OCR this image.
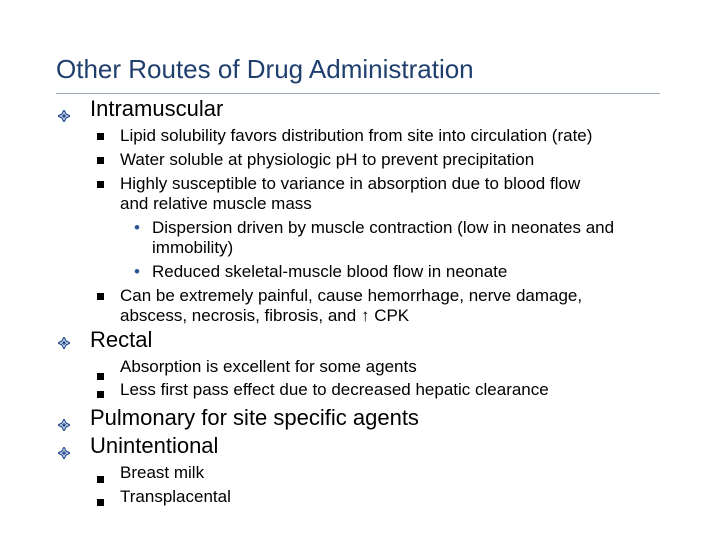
Other Routes of Drug Administration
Intramuscular
Lipid solubility favors distribution from site into circulation (rate)
Water soluble at physiologic pH to prevent precipitation
Highly susceptible to variance in absorption due to blood flow
and relative muscle mass
• Dispersion driven by muscle contraction (low in neonates and
immobility)
• Reduced skeletal-muscle blood flow in neonate
Can be extremely painful, cause hemorrhage, nerve damage,
abscess, necrosis, fibrosis, and ↑ CPK
Rectal
Absorption is excellent for some agents
Less first pass effect due to decreased hepatic clearance
Pulmonary for site specific agents
Unintentional
Breast milk
Transplacental
